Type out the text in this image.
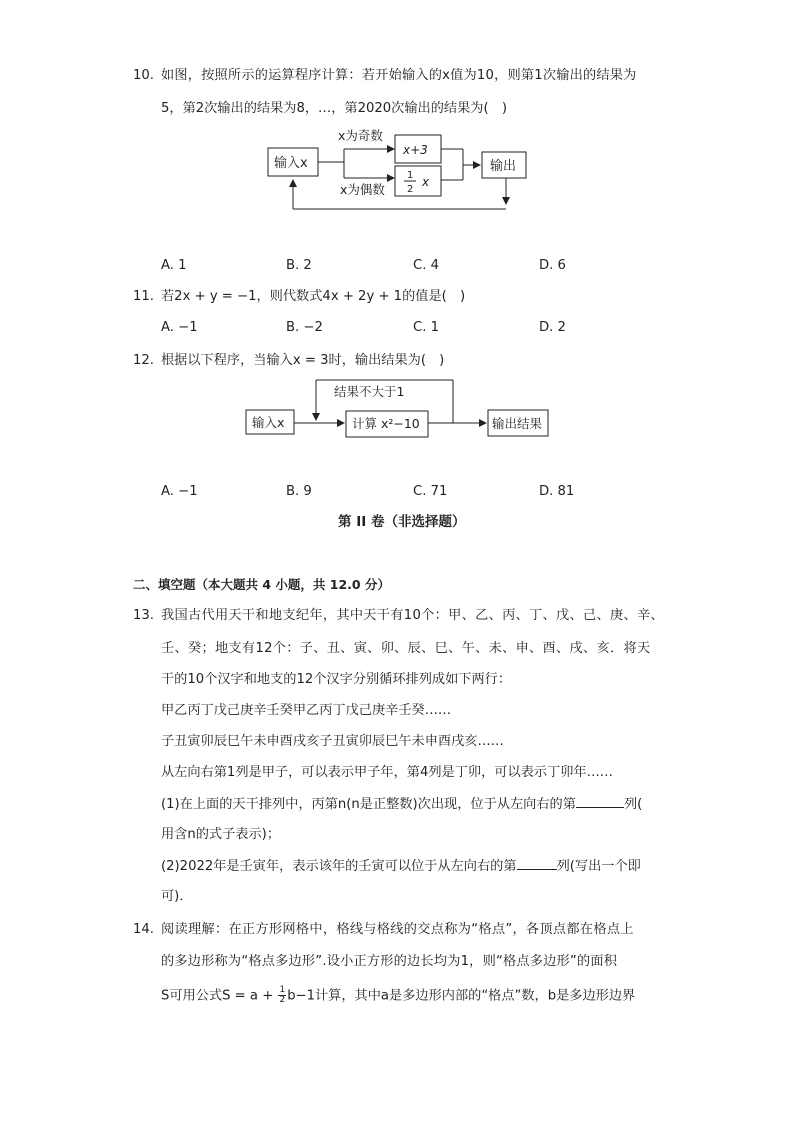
10. 如图，按照所示的运算程序计算：若开始输入的x值为10，则第1次输出的结果为
5，第2次输出的结果为8，…，第2020次输出的结果为(　)
输入x
x为奇数
x为偶数
x+3
1
2
x
输出
A. 1	B. 2	C. 4	D. 6
11. 若2x + y = −1，则代数式4x + 2y + 1的值是(　)
A. −1	B. −2	C. 1	D. 2
12. 根据以下程序，当输入x = 3时，输出结果为(　)
输入x	计算 x²−10	输出结果
结果不大于1
A. −1	B. 9	C. 71	D. 81
第 II 卷（非选择题）
二、填空题（本大题共 4 小题，共 12.0 分）
13. 我国古代用天干和地支纪年，其中天干有10个：甲、乙、丙、丁、戊、己、庚、辛、
壬、癸；地支有12个：子、丑、寅、卯、辰、巳、午、未、申、酉、戌、亥．将天
干的10个汉字和地支的12个汉字分别循环排列成如下两行：
甲乙丙丁戊己庚辛壬癸甲乙丙丁戊己庚辛壬癸……
子丑寅卯辰巳午未申酉戌亥子丑寅卯辰巳午未申酉戌亥……
从左向右第1列是甲子，可以表示甲子年，第4列是丁卯，可以表示丁卯年……
(1)在上面的天干排列中，丙第n(n是正整数)次出现，位于从左向右的第	列(
用含n的式子表示)；
(2)2022年是壬寅年，表示该年的壬寅可以位于从左向右的第	列(写出一个即
可)．
14. 阅读理解：在正方形网格中，格线与格线的交点称为“格点”，各顶点都在格点上
的多边形称为“格点多边形”.设小正方形的边长均为1，则“格点多边形”的面积
S可用公式$S = a + \frac{1}{2} b-1$计算，其中a是多边形内部的“格点”数，b是多边形边界
